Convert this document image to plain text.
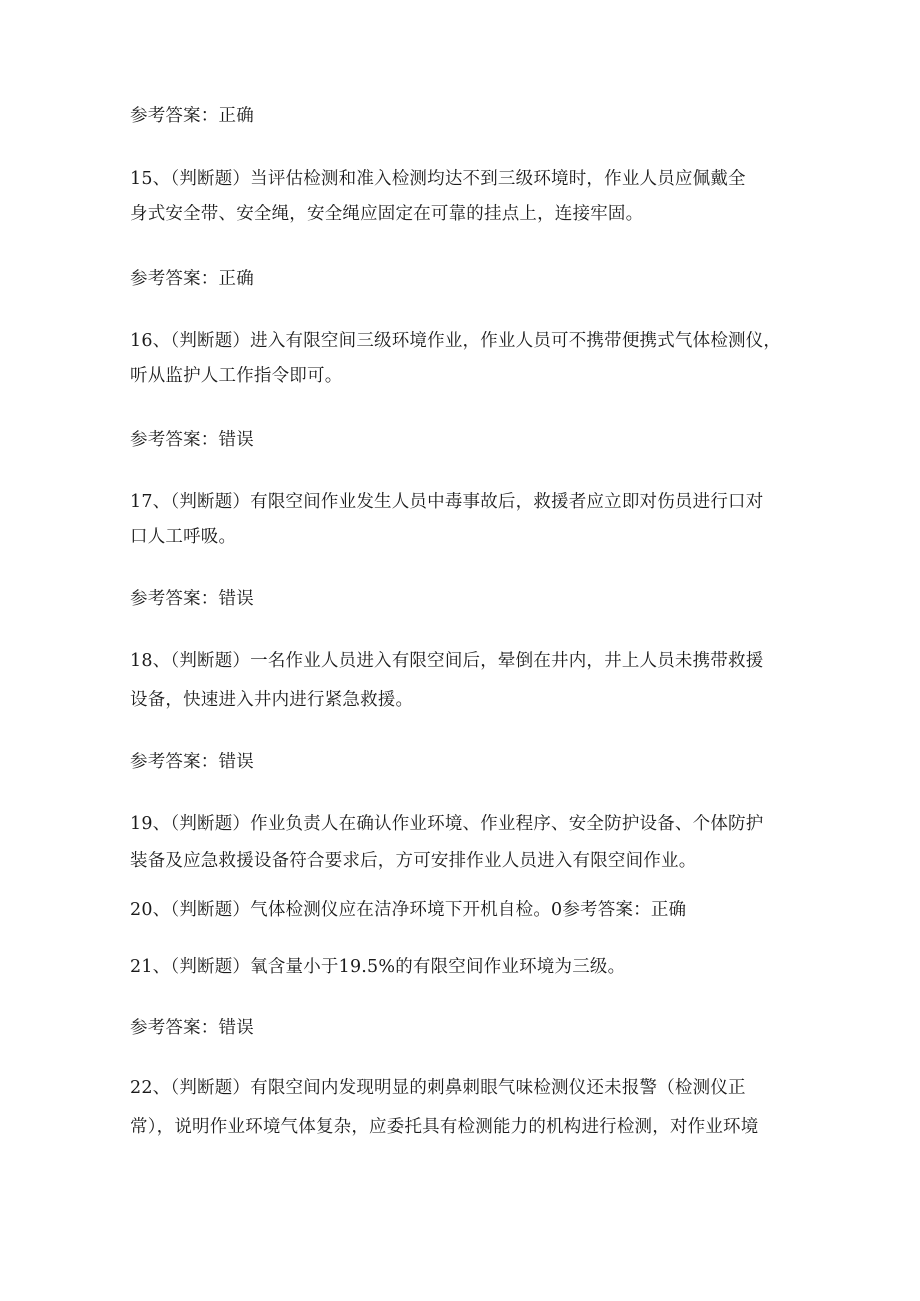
参考答案：正确
15、（判断题）当评估检测和准入检测均达不到三级环境时，作业人员应佩戴全
身式安全带、安全绳，安全绳应固定在可靠的挂点上，连接牢固。
参考答案：正确
16、（判断题）进入有限空间三级环境作业，作业人员可不携带便携式气体检测仪，
听从监护人工作指令即可。
参考答案：错误
17、（判断题）有限空间作业发生人员中毒事故后，救援者应立即对伤员进行口对
口人工呼吸。
参考答案：错误
18、（判断题）一名作业人员进入有限空间后，晕倒在井内，井上人员未携带救援
设备，快速进入井内进行紧急救援。
参考答案：错误
19、（判断题）作业负责人在确认作业环境、作业程序、安全防护设备、个体防护
装备及应急救援设备符合要求后，方可安排作业人员进入有限空间作业。
20、（判断题）气体检测仪应在洁净环境下开机自检。0参考答案：正确
21、（判断题）氧含量小于19.5%的有限空间作业环境为三级。
参考答案：错误
22、（判断题）有限空间内发现明显的刺鼻刺眼气味检测仪还未报警（检测仪正
常），说明作业环境气体复杂，应委托具有检测能力的机构进行检测，对作业环境
